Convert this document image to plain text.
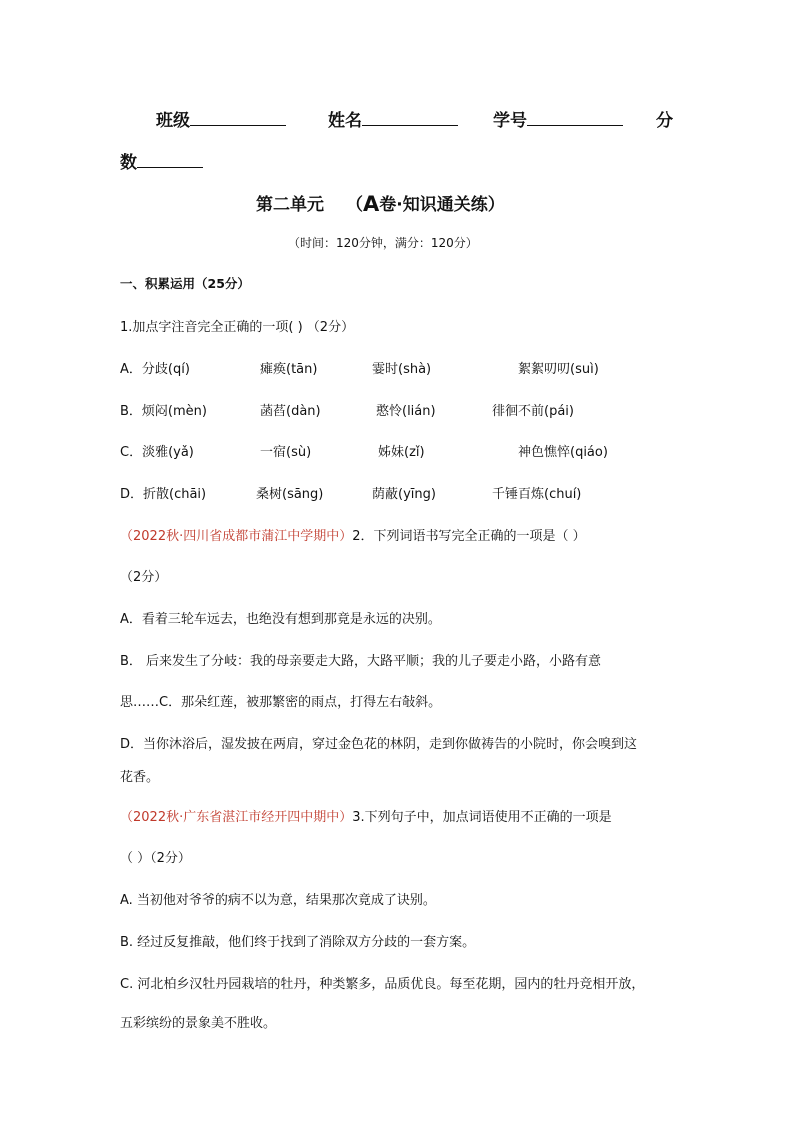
班级	姓名	学号	分
数
第二单元 （A卷·知识通关练）
（时间：120分钟，满分：120分）
一、积累运用（25分）
1.加点字注音完全正确的一项( ) （2分）
A．分歧(qí)	瘫痪(tān)	霎时(shà)	絮絮叨叨(suì)
B．烦闷(mèn)	菡萏(dàn)	憨怜(lián)	徘徊不前(pái)
C．淡雅(yǎ)	一宿(sù)	姊妹(zǐ)	神色憔悴(qiáo)
D．折散(chāi)	桑树(sāng)	荫蔽(yīng)	千锤百炼(chuí)
（2022秋·四川省成都市蒲江中学期中）2．下列词语书写完全正确的一项是（ ）
（2分）
A．看着三轮车远去，也绝没有想到那竟是永远的决别。
B． 后来发生了分岐：我的母亲要走大路，大路平顺；我的儿子要走小路，小路有意
思……C．那朵红莲，被那繁密的雨点，打得左右敧斜。
D．当你沐浴后，湿发披在两肩，穿过金色花的林阴，走到你做祷告的小院时，你会嗅到这
花香。
（2022秋·广东省湛江市经开四中期中）3.下列句子中，加点词语使用不正确的一项是
（ ）（2分）
A. 当初他对爷爷的病不以为意，结果那次竟成了诀别。
B. 经过反复推敲，他们终于找到了消除双方分歧的一套方案。
C. 河北柏乡汉牡丹园栽培的牡丹，种类繁多，品质优良。每至花期，园内的牡丹竞相开放，
五彩缤纷的景象美不胜收。
